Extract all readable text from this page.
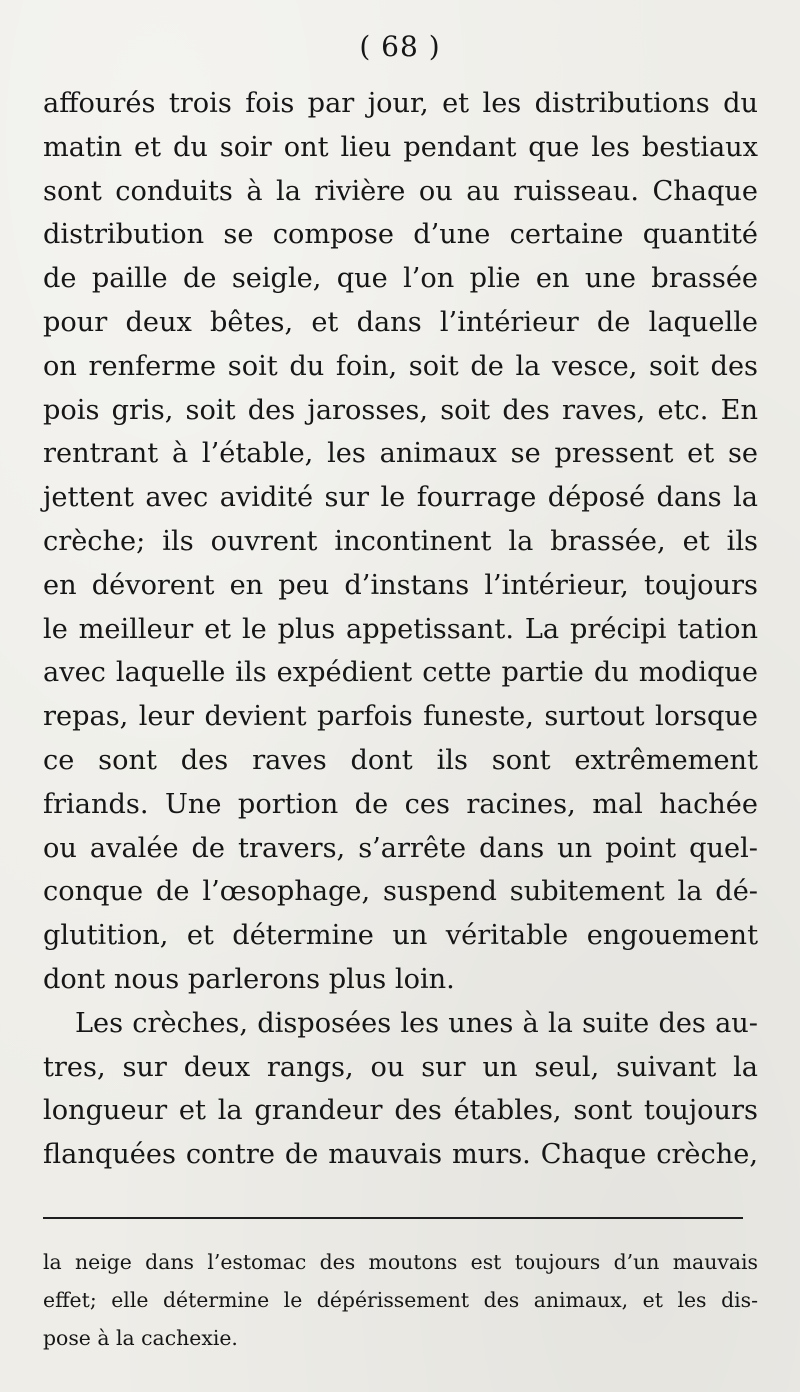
( 68 )
affourés trois fois par jour, et les distributions du
matin et du soir ont lieu pendant que les bestiaux
sont conduits à la rivière ou au ruisseau. Chaque
distribution se compose d’une certaine quantité
de paille de seigle, que l’on plie en une brassée
pour deux bêtes, et dans l’intérieur de laquelle
on renferme soit du foin, soit de la vesce, soit des
pois gris, soit des jarosses, soit des raves, etc. En
rentrant à l’étable, les animaux se pressent et se
jettent avec avidité sur le fourrage déposé dans la
crèche; ils ouvrent incontinent la brassée, et ils
en dévorent en peu d’instans l’intérieur, toujours
le meilleur et le plus appetissant. La précipi tation
avec laquelle ils expédient cette partie du modique
repas, leur devient parfois funeste, surtout lorsque
ce sont des raves dont ils sont extrêmement
friands. Une portion de ces racines, mal hachée
ou avalée de travers, s’arrête dans un point quel-
conque de l’œsophage, suspend subitement la dé-
glutition, et détermine un véritable engouement
dont nous parlerons plus loin.
Les crèches, disposées les unes à la suite des au-
tres, sur deux rangs, ou sur un seul, suivant la
longueur et la grandeur des étables, sont toujours
flanquées contre de mauvais murs. Chaque crèche,
la neige dans l’estomac des moutons est toujours d’un mauvais
effet; elle détermine le dépérissement des animaux, et les dis-
pose à la cachexie.
